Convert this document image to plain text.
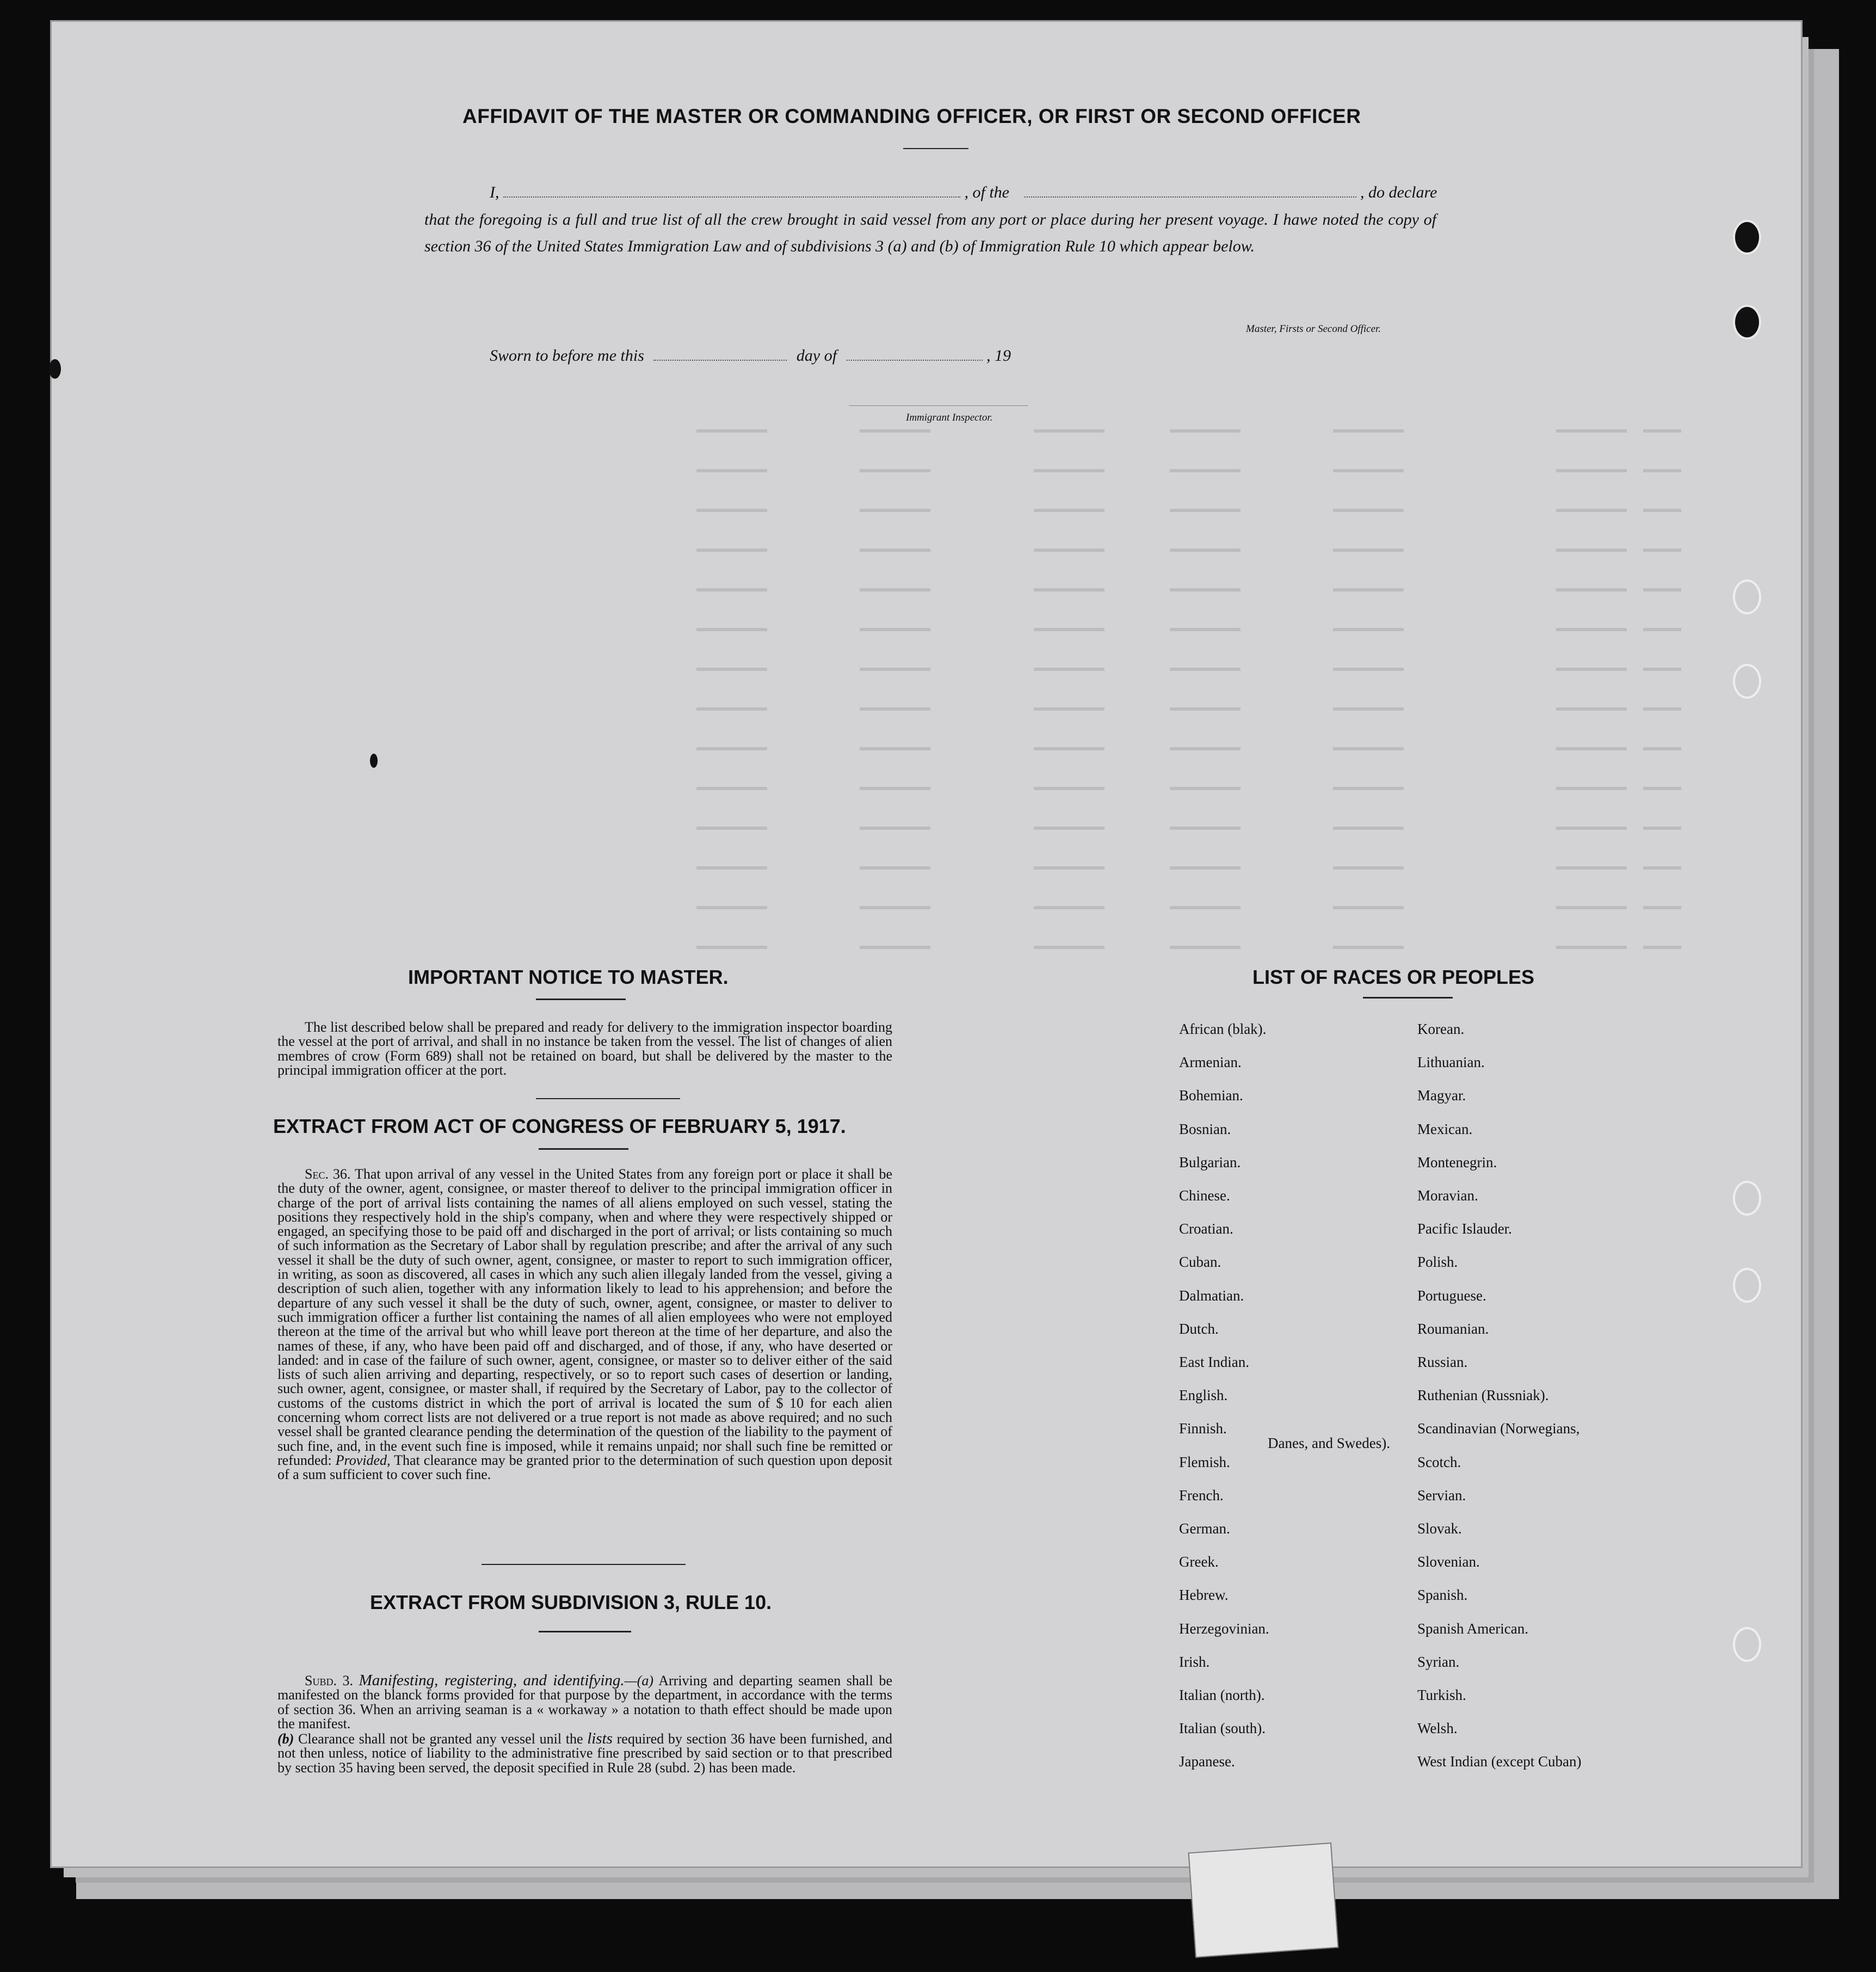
AFFIDAVIT OF THE MASTER OR COMMANDING OFFICER, OR FIRST OR SECOND OFFICER
I,	, of the	, do declare
that the foregoing is a full and true list of all the crew brought in said vessel from any port or place during her present voyage. I hawe noted the copy of section 36 of the United States Immigration Law and of subdivisions 3 (a) and (b) of Immigration Rule 10 which appear below.
Master, Firsts or Second Officer.
Sworn to before me this	day of	, 19
Immigrant Inspector.
IMPORTANT NOTICE TO MASTER.
The list described below shall be prepared and ready for delivery to the immigration inspector boarding the vessel at the port of arrival, and shall in no instance be taken from the vessel. The list of changes of alien membres of crow (Form 689) shall not be retained on board, but shall be delivered by the master to the principal immigration officer at the port.
EXTRACT FROM ACT OF CONGRESS OF FEBRUARY 5, 1917.
Sec. 36. That upon arrival of any vessel in the United States from any foreign port or place it shall be the duty of the owner, agent, consignee, or master thereof to deliver to the principal immigration officer in charge of the port of arrival lists containing the names of all aliens employed on such vessel, stating the positions they respectively hold in the ship's company, when and where they were respectively shipped or engaged, an specifying those to be paid off and discharged in the port of arrival; or lists containing so much of such information as the Secretary of Labor shall by regulation prescribe; and after the arrival of any such vessel it shall be the duty of such owner, agent, consignee, or master to report to such immigration officer, in writing, as soon as discovered, all cases in which any such alien illegaly landed from the vessel, giving a description of such alien, together with any information likely to lead to his apprehension; and before the departure of any such vessel it shall be the duty of such, owner, agent, consignee, or master to deliver to such immigration officer a further list containing the names of all alien employees who were not employed thereon at the time of the arrival but who whill leave port thereon at the time of her departure, and also the names of these, if any, who have been paid off and discharged, and of those, if any, who have deserted or landed: and in case of the failure of such owner, agent, consignee, or master so to deliver either of the said lists of such alien arriving and departing, respectively, or so to report such cases of desertion or landing, such owner, agent, consignee, or master shall, if required by the Secretary of Labor, pay to the collector of customs of the customs district in which the port of arrival is located the sum of $ 10 for each alien concerning whom correct lists are not delivered or a true report is not made as above required; and no such vessel shall be granted clearance pending the determination of the question of the liability to the payment of such fine, and, in the event such fine is imposed, while it remains unpaid; nor shall such fine be remitted or refunded: Provided, That clearance may be granted prior to the determination of such question upon deposit of a sum sufficient to cover such fine.
EXTRACT FROM SUBDIVISION 3, RULE 10.
Subd. 3. Manifesting, registering, and identifying.—(a) Arriving and departing seamen shall be manifested on the blanck forms provided for that purpose by the department, in accordance with the terms of section 36. When an arriving seaman is a « workaway » a notation to thath effect should be made upon the manifest.
(b) Clearance shall not be granted any vessel unil the lists required by section 36 have been furnished, and not then unless, notice of liability to the administrative fine prescribed by said section or to that prescribed by section 35 having been served, the deposit specified in Rule 28 (subd. 2) has been made.
LIST OF RACES OR PEOPLES
African (blak).
Armenian.
Bohemian.
Bosnian.
Bulgarian.
Chinese.
Croatian.
Cuban.
Dalmatian.
Dutch.
East Indian.
English.
Finnish.
Flemish.
French.
German.
Greek.
Hebrew.
Herzegovinian.
Irish.
Italian (north).
Italian (south).
Japanese.
Korean.
Lithuanian.
Magyar.
Mexican.
Montenegrin.
Moravian.
Pacific Islauder.
Polish.
Portuguese.
Roumanian.
Russian.
Ruthenian (Russniak).
Scandinavian (Norwegians,
Danes, and Swedes).
Scotch.
Servian.
Slovak.
Slovenian.
Spanish.
Spanish American.
Syrian.
Turkish.
Welsh.
West Indian (except Cuban)
